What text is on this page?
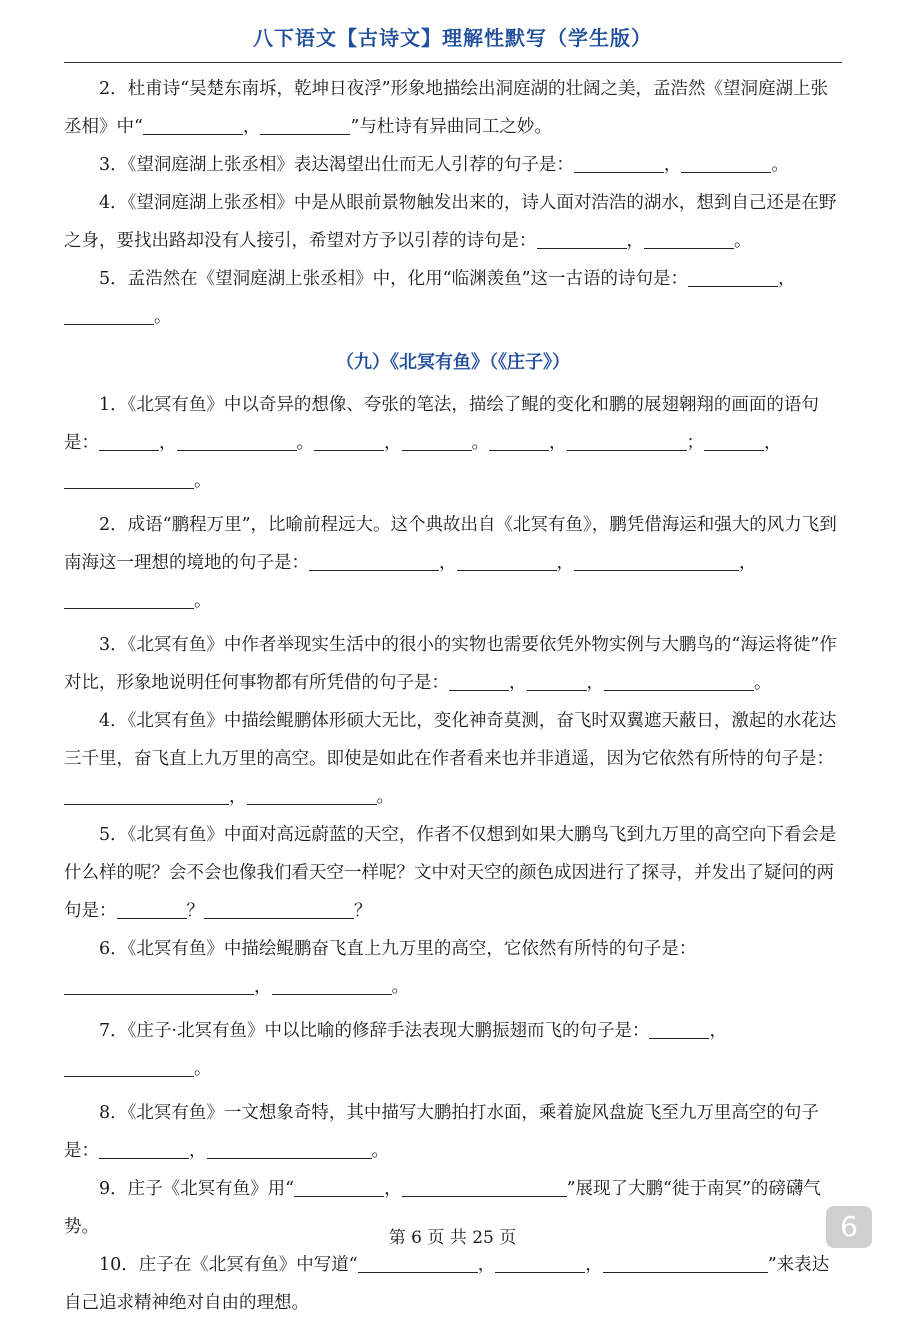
八下语文【古诗文】理解性默写（学生版）

2．杜甫诗“吴楚东南坼，乾坤日夜浮”形象地描绘出洞庭湖的壮阔之美，孟浩然《望洞庭湖上张丞相》中“	，	”与杜诗有异曲同工之妙。

3．《望洞庭湖上张丞相》表达渴望出仕而无人引荐的句子是：	，	。

4．《望洞庭湖上张丞相》中是从眼前景物触发出来的，诗人面对浩浩的湖水，想到自己还是在野之身，要找出路却没有人接引，希望对方予以引荐的诗句是：	，	。

5．孟浩然在《望洞庭湖上张丞相》中，化用“临渊羡鱼”这一古语的诗句是：	，。

（九）《北冥有鱼》（《庄子》）

1．《北冥有鱼》中以奇异的想像、夸张的笔法，描绘了鲲的变化和鹏的展翅翱翔的画面的语句是：	，	。	，	。	，	；	，。

2．成语“鹏程万里”，比喻前程远大。这个典故出自《北冥有鱼》，鹏凭借海运和强大的风力飞到南海这一理想的境地的句子是：	，	，	，。

3．《北冥有鱼》中作者举现实生活中的很小的实物也需要依凭外物实例与大鹏鸟的“海运将徙”作对比，形象地说明任何事物都有所凭借的句子是：	，	，	。

4．《北冥有鱼》中描绘鲲鹏体形硕大无比，变化神奇莫测，奋飞时双翼遮天蔽日，激起的水花达三千里，奋飞直上九万里的高空。即使是如此在作者看来也并非逍遥，因为它依然有所恃的句子是：，	。

5．《北冥有鱼》中面对高远蔚蓝的天空，作者不仅想到如果大鹏鸟飞到九万里的高空向下看会是什么样的呢？会不会也像我们看天空一样呢？文中对天空的颜色成因进行了探寻，并发出了疑问的两句是：	？	？

6．《北冥有鱼》中描绘鲲鹏奋飞直上九万里的高空，它依然有所恃的句子是：，	。

7．《庄子·北冥有鱼》中以比喻的修辞手法表现大鹏振翅而飞的句子是：	，。

8．《北冥有鱼》一文想象奇特，其中描写大鹏拍打水面，乘着旋风盘旋飞至九万里高空的句子是：	，	。

9．庄子《北冥有鱼》用“	，	”展现了大鹏“徙于南冥”的磅礴气势。

10．庄子在《北冥有鱼》中写道“	，	，	”来表达自己追求精神绝对自由的理想。

第 6 页 共 25 页	6
